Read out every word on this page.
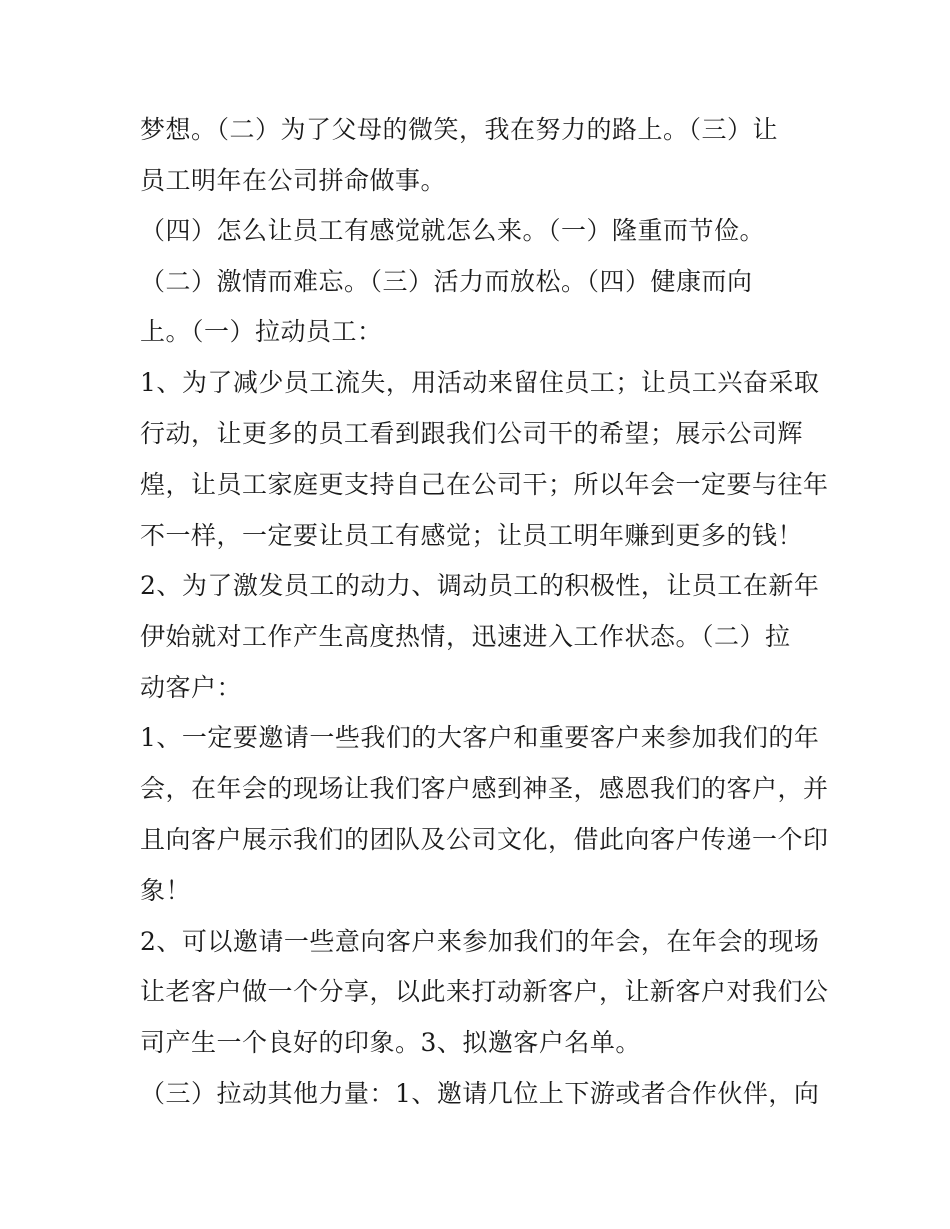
梦想。（二）为了父母的微笑，我在努力的路上。（三）让
员工明年在公司拼命做事。
（四）怎么让员工有感觉就怎么来。（一）隆重而节俭。
（二）激情而难忘。（三）活力而放松。（四）健康而向
上。（一）拉动员工：
1、为了减少员工流失，用活动来留住员工；让员工兴奋采取
行动，让更多的员工看到跟我们公司干的希望；展示公司辉
煌，让员工家庭更支持自己在公司干；所以年会一定要与往年
不一样，一定要让员工有感觉；让员工明年赚到更多的钱！
2、为了激发员工的动力、调动员工的积极性，让员工在新年
伊始就对工作产生高度热情，迅速进入工作状态。（二）拉
动客户：
1、一定要邀请一些我们的大客户和重要客户来参加我们的年
会，在年会的现场让我们客户感到神圣，感恩我们的客户，并
且向客户展示我们的团队及公司文化，借此向客户传递一个印
象！
2、可以邀请一些意向客户来参加我们的年会，在年会的现场
让老客户做一个分享，以此来打动新客户，让新客户对我们公
司产生一个良好的印象。3、拟邀客户名单。
（三）拉动其他力量：1、邀请几位上下游或者合作伙伴，向
